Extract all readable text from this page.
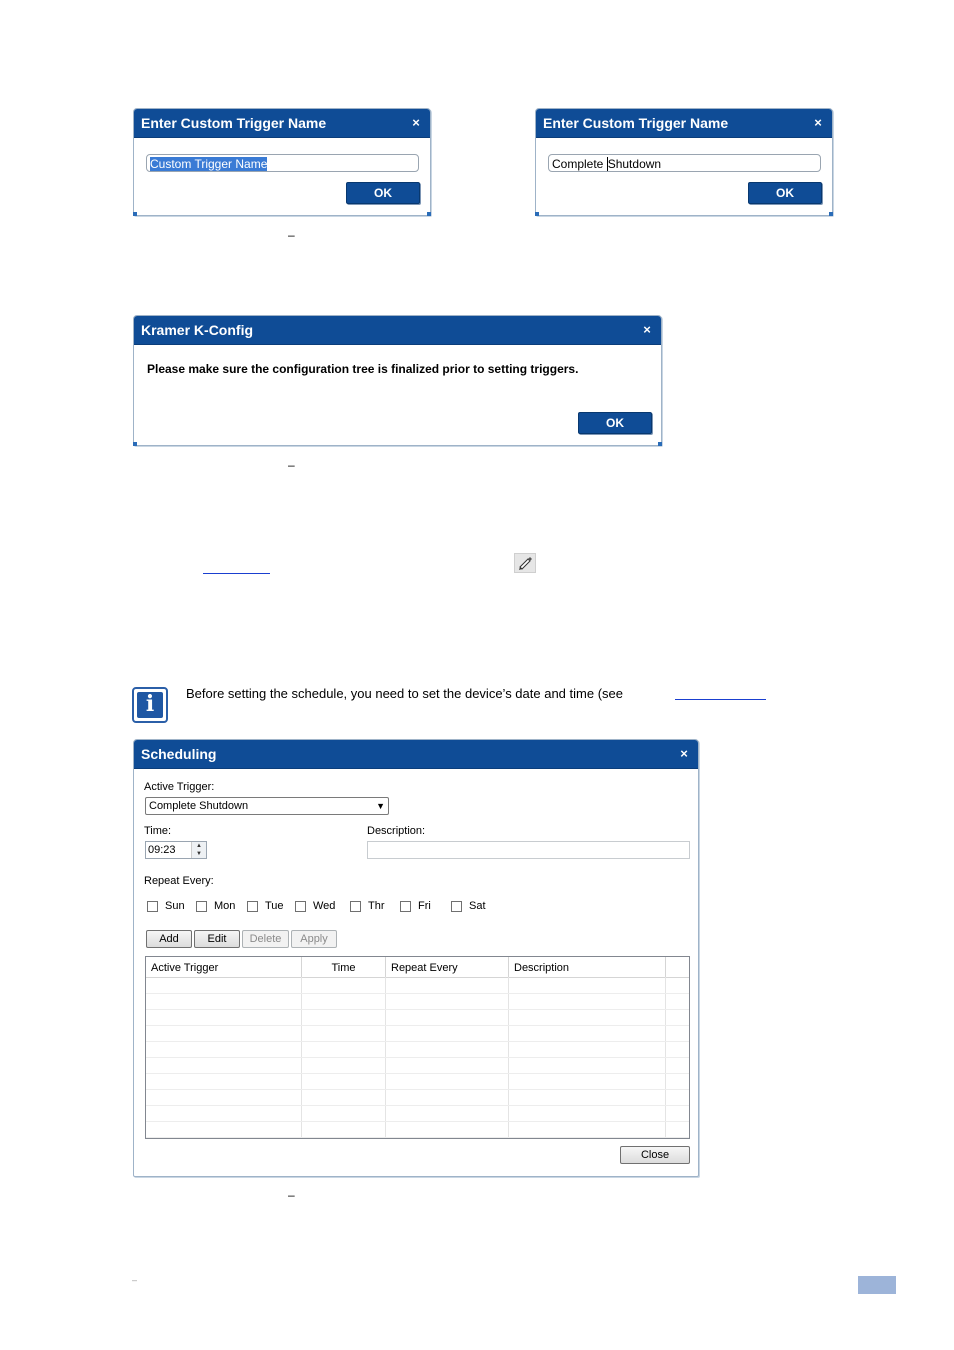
Enter Custom Trigger Name	×
Custom Trigger Name
OK
Enter Custom Trigger Name	×
Complete Shutdown
OK
–
Kramer K-Config	×
Please make sure the configuration tree is finalized prior to setting triggers.
OK
–
i	Before setting the schedule, you need to set the device’s date and time (see
Scheduling	×
Active Trigger:
Complete Shutdown	▼
Time:
09:23	▲
▼
Description:
Repeat Every:
Sun	Mon	Tue	Wed	Thr	Fri	Sat
Add	Edit	Delete	Apply
Active Trigger	Time	Repeat Every	Description
Close
–
–
